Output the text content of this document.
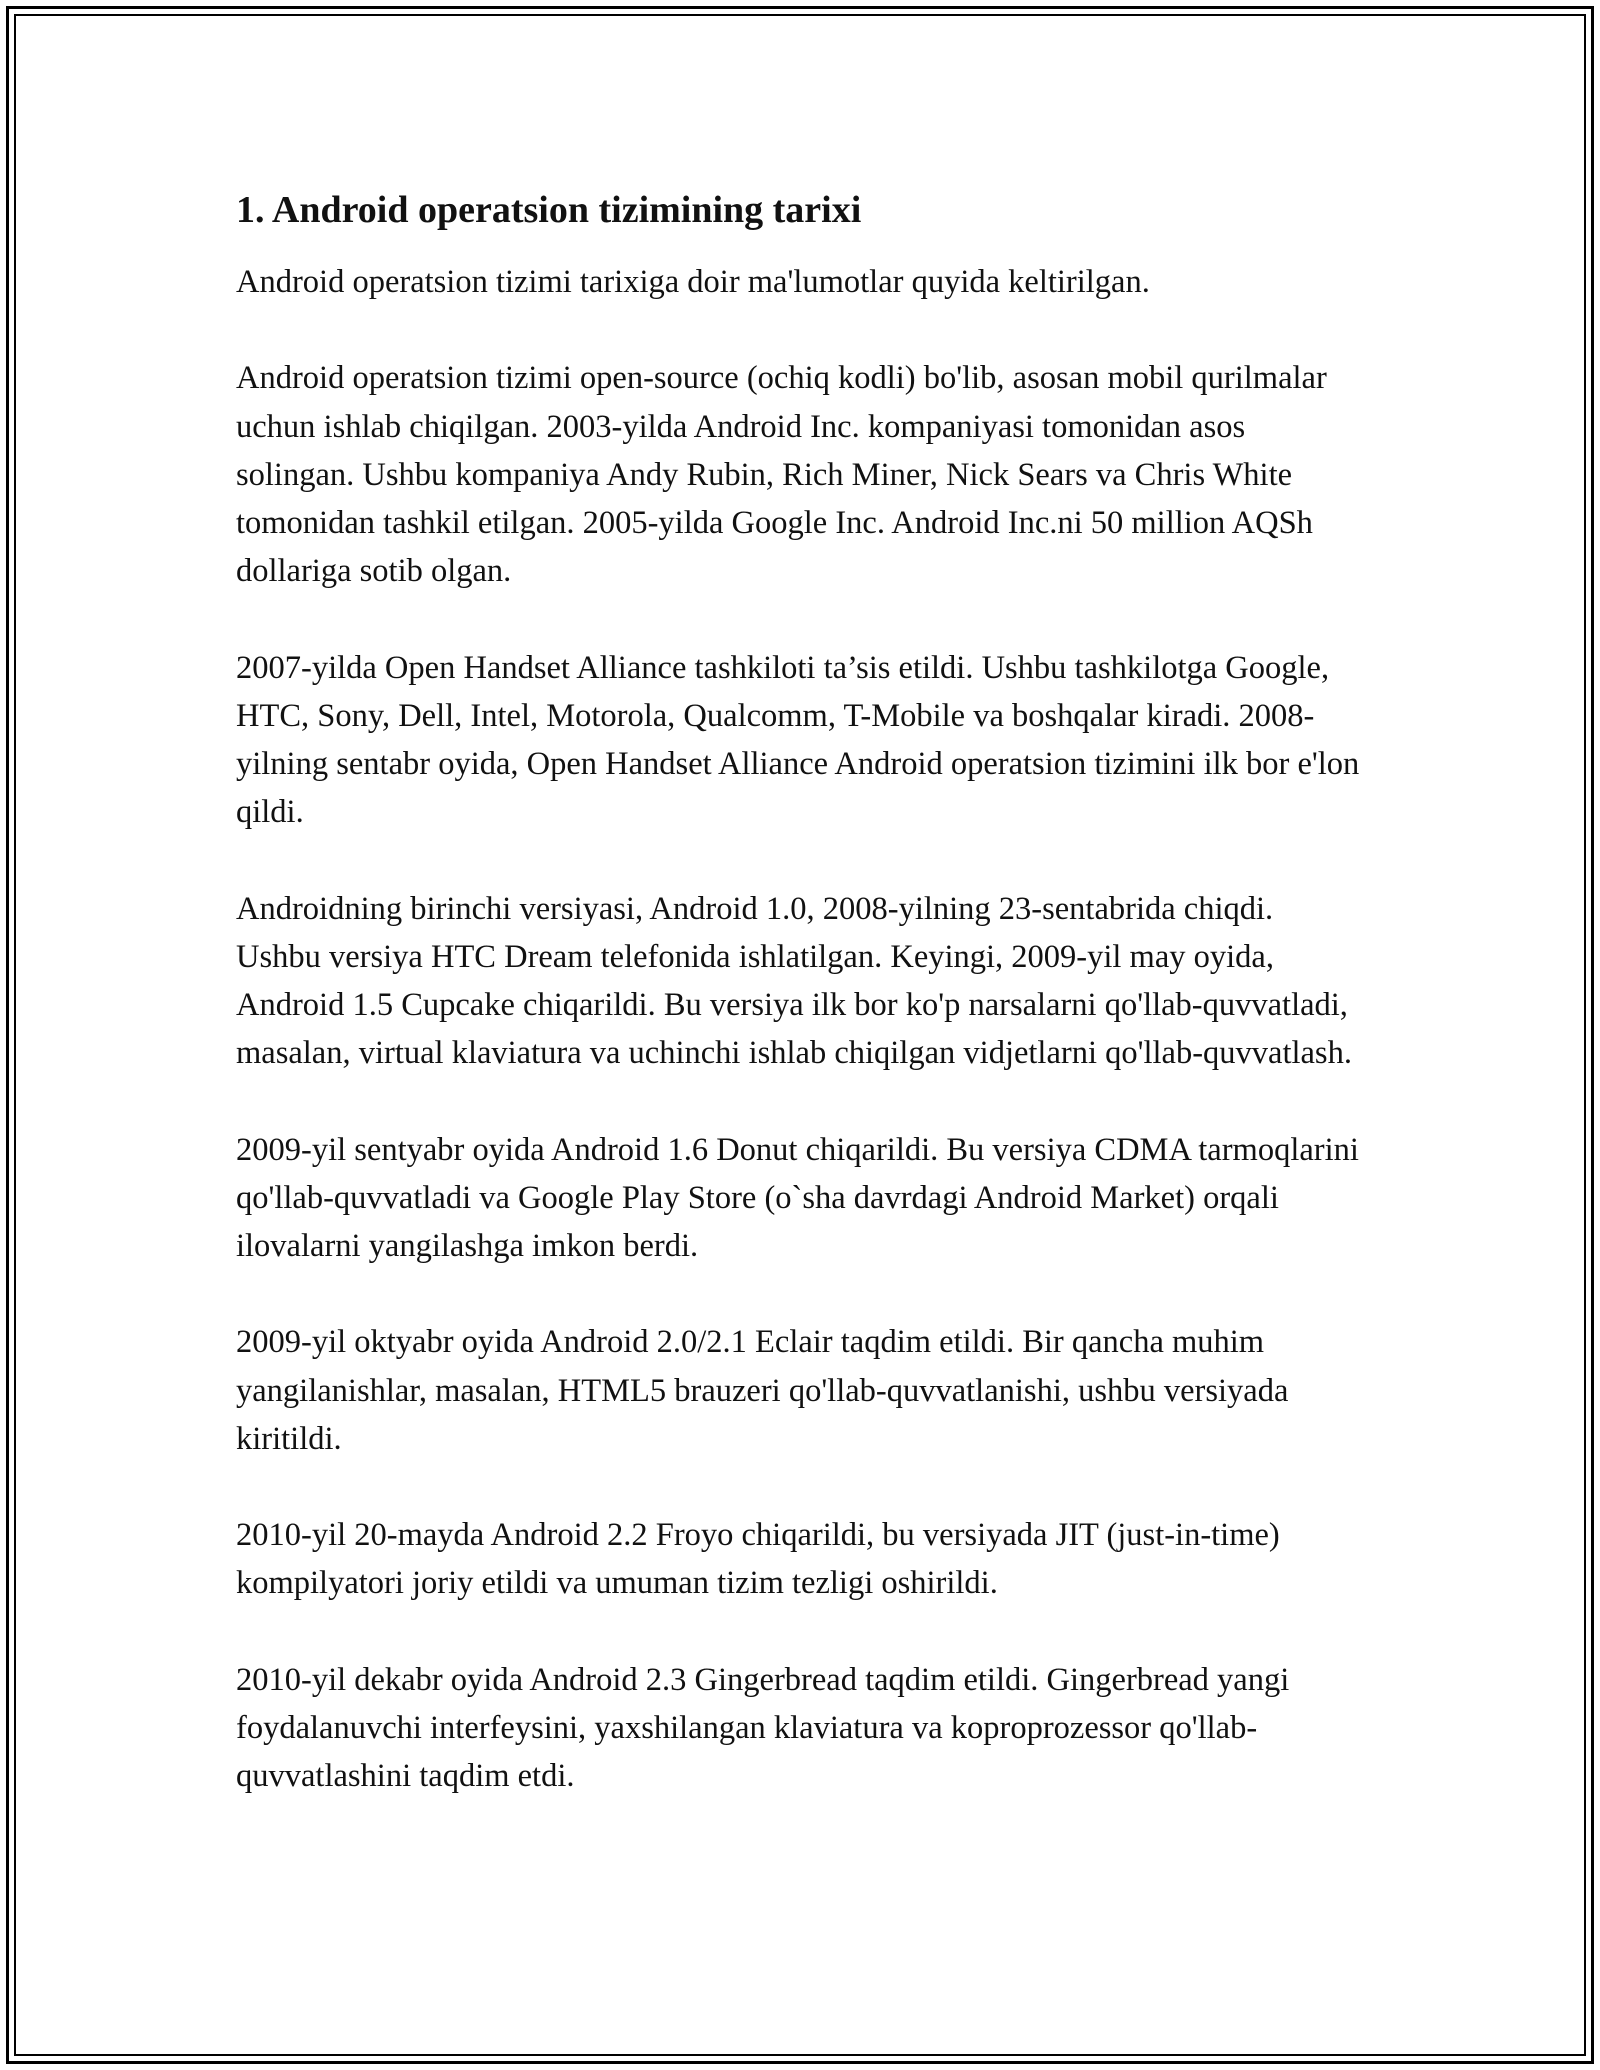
1. Android operatsion tizimining tarixi

Android operatsion tizimi tarixiga doir ma'lumotlar quyida keltirilgan.

Android operatsion tizimi open-source (ochiq kodli) bo'lib, asosan mobil qurilmalar uchun ishlab chiqilgan. 2003-yilda Android Inc. kompaniyasi tomonidan asos solingan. Ushbu kompaniya Andy Rubin, Rich Miner, Nick Sears va Chris White tomonidan tashkil etilgan. 2005-yilda Google Inc. Android Inc.ni 50 million AQSh dollariga sotib olgan.

2007-yilda Open Handset Alliance tashkiloti ta’sis etildi. Ushbu tashkilotga Google, HTC, Sony, Dell, Intel, Motorola, Qualcomm, T-Mobile va boshqalar kiradi. 2008-yilning sentabr oyida, Open Handset Alliance Android operatsion tizimini ilk bor e'lon qildi.

Androidning birinchi versiyasi, Android 1.0, 2008-yilning 23-sentabrida chiqdi. Ushbu versiya HTC Dream telefonida ishlatilgan. Keyingi, 2009-yil may oyida, Android 1.5 Cupcake chiqarildi. Bu versiya ilk bor ko'p narsalarni qo'llab-quvvatladi, masalan, virtual klaviatura va uchinchi ishlab chiqilgan vidjetlarni qo'llab-quvvatlash.

2009-yil sentyabr oyida Android 1.6 Donut chiqarildi. Bu versiya CDMA tarmoqlarini qo'llab-quvvatladi va Google Play Store (o`sha davrdagi Android Market) orqali ilovalarni yangilashga imkon berdi.

2009-yil oktyabr oyida Android 2.0/2.1 Eclair taqdim etildi. Bir qancha muhim yangilanishlar, masalan, HTML5 brauzeri qo'llab-quvvatlanishi, ushbu versiyada kiritildi.

2010-yil 20-mayda Android 2.2 Froyo chiqarildi, bu versiyada JIT (just-in-time) kompilyatori joriy etildi va umuman tizim tezligi oshirildi.

2010-yil dekabr oyida Android 2.3 Gingerbread taqdim etildi. Gingerbread yangi foydalanuvchi interfeysini, yaxshilangan klaviatura va koproprozessor qo'llab-quvvatlashini taqdim etdi.
